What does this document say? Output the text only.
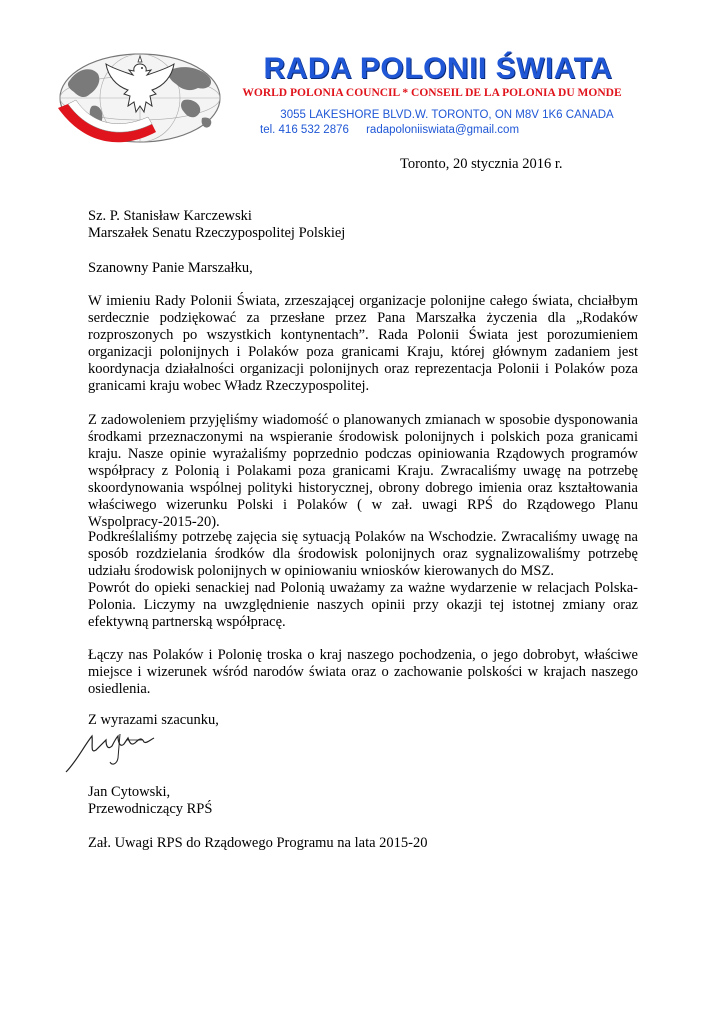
RADA POLONII ŚWIATA
WORLD POLONIA COUNCIL * CONSEIL DE LA POLONIA DU MONDE
3055 LAKESHORE BLVD.W. TORONTO, ON M8V 1K6 CANADA
tel. 416 532 2876 radapoloniiswiata@gmail.com
Toronto, 20 stycznia 2016 r.
Sz. P. Stanisław Karczewski
Marszałek Senatu Rzeczypospolitej Polskiej
Szanowny Panie Marszałku,
W imieniu Rady Polonii Świata, zrzeszającej organizacje polonijne całego świata, chciałbym serdecznie podziękować za przesłane przez Pana Marszałka życzenia dla „Rodaków rozproszonych po wszystkich kontynentach”. Rada Polonii Świata jest porozumieniem organizacji polonijnych i Polaków poza granicami Kraju, której głównym zadaniem jest koordynacja działalności organizacji polonijnych oraz reprezentacja Polonii i Polaków poza granicami kraju wobec Władz Rzeczypospolitej.
Z zadowoleniem przyjęliśmy wiadomość o planowanych zmianach w sposobie dysponowania środkami przeznaczonymi na wspieranie środowisk polonijnych i polskich poza granicami kraju. Nasze opinie wyrażaliśmy poprzednio podczas opiniowania Rządowych programów współpracy z Polonią i Polakami poza granicami Kraju. Zwracaliśmy uwagę na potrzebę skoordynowania wspólnej polityki historycznej, obrony dobrego imienia oraz kształtowania właściwego wizerunku Polski i Polaków ( w zał. uwagi RPŚ do Rządowego Planu Wspolpracy-2015-20).
Podkreślaliśmy potrzebę zajęcia się sytuacją Polaków na Wschodzie. Zwracaliśmy uwagę na sposób rozdzielania środków dla środowisk polonijnych oraz sygnalizowaliśmy potrzebę udziału środowisk polonijnych w opiniowaniu wniosków kierowanych do MSZ.
Powrót do opieki senackiej nad Polonią uważamy za ważne wydarzenie w relacjach Polska-Polonia. Liczymy na uwzględnienie naszych opinii przy okazji tej istotnej zmiany oraz efektywną partnerską współpracę.
Łączy nas Polaków i Polonię troska o kraj naszego pochodzenia, o jego dobrobyt, właściwe miejsce i wizerunek wśród narodów świata oraz o zachowanie polskości w krajach naszego osiedlenia.
Z wyrazami szacunku,
Jan Cytowski,
Przewodniczący RPŚ
Zał. Uwagi RPS do Rządowego Programu na lata 2015-20
